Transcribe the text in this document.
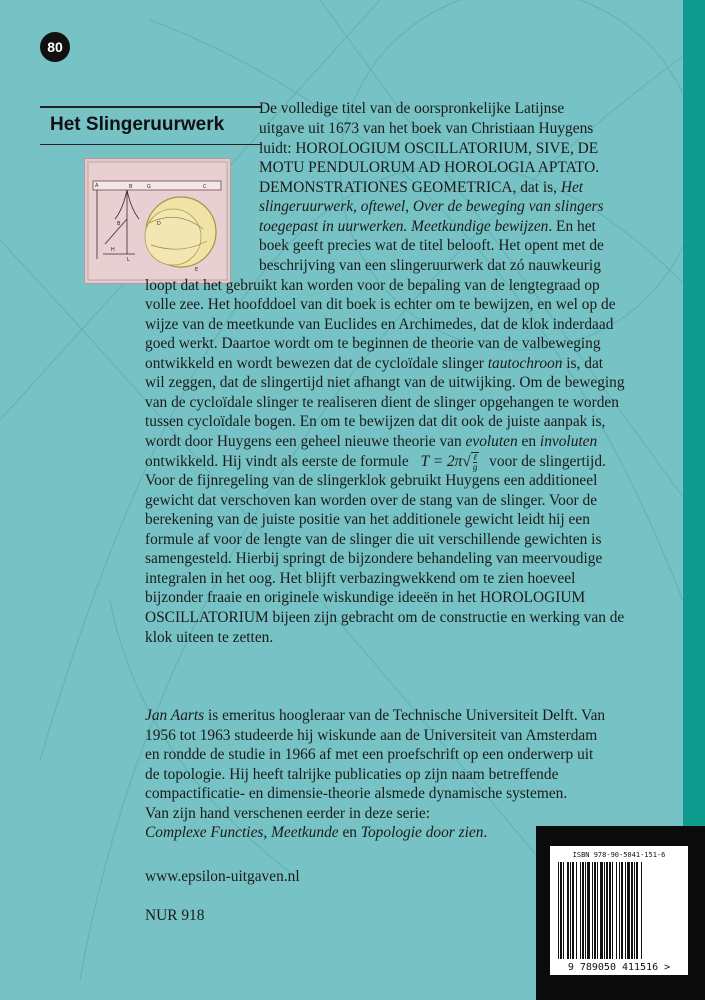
80
Het Slingeruurwerk
A	B	G	C
B
H
L
D
E
De volledige titel van de oorspronkelijke Latijnse
uitgave uit 1673 van het boek van Christiaan Huygens
luidt: HOROLOGIUM OSCILLATORIUM, SIVE, DE
MOTU PENDULORUM AD HOROLOGIA APTATO.
DEMONSTRATIONES GEOMETRICA, dat is, Het
slingeruurwerk, oftewel, Over de beweging van slingers
toegepast in uurwerken. Meetkundige bewijzen. En het
boek geeft precies wat de titel belooft. Het opent met de
beschrijving van een slingeruurwerk dat zó nauwkeurig
loopt dat het gebruikt kan worden voor de bepaling van de lengtegraad op
volle zee. Het hoofddoel van dit boek is echter om te bewijzen, en wel op de
wijze van de meetkunde van Euclides en Archimedes, dat de klok inderdaad
goed werkt. Daartoe wordt om te beginnen de theorie van de valbeweging
ontwikkeld en wordt bewezen dat de cycloïdale slinger tautochroon is, dat
wil zeggen, dat de slingertijd niet afhangt van de uitwijking. Om de beweging
van de cycloïdale slinger te realiseren dient de slinger opgehangen te worden
tussen cycloïdale bogen. En om te bewijzen dat dit ook de juiste aanpak is,
wordt door Huygens een geheel nieuwe theorie van evoluten en involuten
ontwikkeld. Hij vindt als eerste de formule T = 2π√ ℓ
g voor de slingertijd.
Voor de fijnregeling van de slingerklok gebruikt Huygens een additioneel
gewicht dat verschoven kan worden over de stang van de slinger. Voor de
berekening van de juiste positie van het additionele gewicht leidt hij een
formule af voor de lengte van de slinger die uit verschillende gewichten is
samengesteld. Hierbij springt de bijzondere behandeling van meervoudige
integralen in het oog. Het blijft verbazingwekkend om te zien hoeveel
bijzonder fraaie en originele wiskundige ideeën in het HOROLOGIUM
OSCILLATORIUM bijeen zijn gebracht om de constructie en werking van de
klok uiteen te zetten.
Jan Aarts is emeritus hoogleraar van de Technische Universiteit Delft. Van
1956 tot 1963 studeerde hij wiskunde aan de Universiteit van Amsterdam
en rondde de studie in 1966 af met een proefschrift op een onderwerp uit
de topologie. Hij heeft talrijke publicaties op zijn naam betreffende
compactificatie- en dimensie-theorie alsmede dynamische systemen.
Van zijn hand verschenen eerder in deze serie:
Complexe Functies, Meetkunde en Topologie door zien.
www.epsilon-uitgaven.nl
NUR 918
ISBN 978-90-5041-151-6
9 789050 411516 >
